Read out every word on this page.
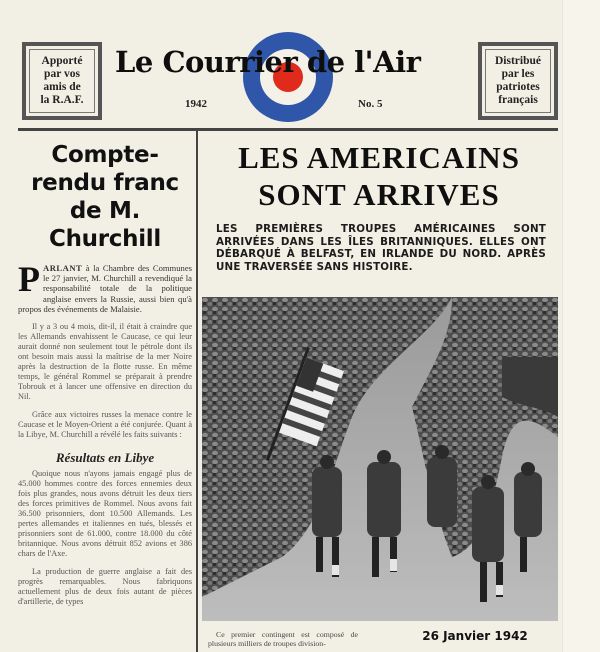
Apporté
par vos
amis de
la R.A.F.
Le Courrier de l'Air
1942	No. 5
Distribué
par les
patriotes
français
Compte-rendu franc de M. Churchill
PARLANT à la Chambre des Communes le 27 janvier, M. Churchill a revendiqué la responsabilité totale de la politique anglaise envers la Russie, aussi bien qu'à propos des événements de Malaisie.
Il y a 3 ou 4 mois, dit-il, il était à craindre que les Allemands envahissent le Caucase, ce qui leur aurait donné non seulement tout le pétrole dont ils ont besoin mais aussi la maîtrise de la mer Noire après la destruction de la flotte russe. En même temps, le général Rommel se préparait à prendre Tobrouk et à lancer une offensive en direction du Nil.
Grâce aux victoires russes la menace contre le Caucase et le Moyen-Orient a été conjurée. Quant à la Libye, M. Churchill a révélé les faits suivants :
Résultats en Libye
Quoique nous n'ayons jamais engagé plus de 45.000 hommes contre des forces ennemies deux fois plus grandes, nous avons détruit les deux tiers des forces primitives de Rommel. Nous avons fait 36.500 prisonniers, dont 10.500 Allemands. Les pertes allemandes et italiennes en tués, blessés et prisonniers sont de 61.000, contre 18.000 du côté britannique. Nous avons détruit 852 avions et 386 chars de l'Axe.
La production de guerre anglaise a fait des progrès remarquables. Nous fabriquons actuellement plus de deux fois autant de pièces d'artillerie, de types
LES AMERICAINS
SONT ARRIVES
LES PREMIÈRES TROUPES AMÉRICAINES SONT ARRIVÉES DANS LES ÎLES BRITANNIQUES. ELLES ONT DÉBARQUÉ À BELFAST, EN IRLANDE DU NORD. APRÈS UNE TRAVERSÉE SANS HISTOIRE.
Ce premier contingent est composé de plusieurs milliers de troupes division-
26 Janvier 1942
